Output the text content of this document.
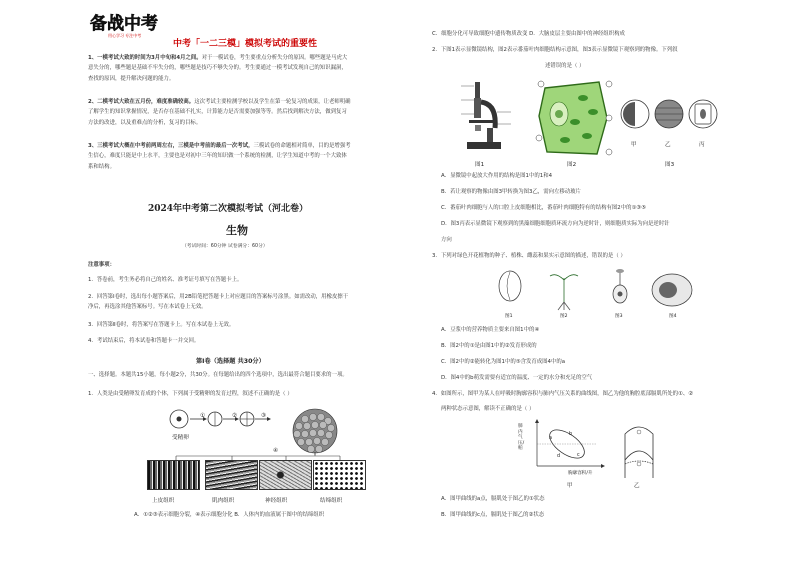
备战中考
用心学习 专注中考
中考「一二三模」模拟考试的重要性
1、一模考试大致的时间为3月中旬和4月之间。对于一模试卷，考生要重点分析失分的原因。哪些题是马虎大意失分的，哪些题是基础不牢失分的，哪些题是技巧不够失分的。考生要通过一模考试发现自己的知识漏洞，查找的原因，提升解决问题的能力。
2、二模考试大致在五月份，难度准确较高。这次考试主要检测学校以及学生在第一轮复习的成果，让老师明确了解学生的知识掌握情况，是否存在基础不扎实，计算能力是否需要加强等等。然后找到解决方法，做到复习方法的改进，以及重难点的分析，复习的目标。
3、三模考试大概在中考前两周左右，三模是中考前的最后一次考试，三模试卷的命题相对简单，目的是增强考生信心，难度只能是中上水平，主要也是对初中三年的知识做一个系统的检测，让学生知道中考的一个大致体系和结构。
2024年中考第二次模拟考试（河北卷）
生物
（考试时间：60分钟 试卷满分：60分）
注意事项：
1．答卷前，考生务必将自己的姓名、准考证号填写在答题卡上。
2．回答第Ⅰ卷时，选出每小题答案后，用2B铅笔把答题卡上对应题目的答案标号涂黑。如需改动，用橡皮擦干净后，再选涂其他答案标号。写在本试卷上无效。
3．回答第Ⅱ卷时，将答案写在答题卡上。写在本试卷上无效。
4．考试结束后，将本试卷和答题卡一并交回。
第Ⅰ卷（选择题 共30分）
一、选择题。本题共15小题，每小题2分，共30分。在每题给出的四个选项中，选出最符合题目要求的一项。
1．人类是由受精卵发育成的个体，下列属于受精卵的发育过程，叙述不正确的是（ ）
受精卵
①	②	③
④
上皮组织	肌肉组织	神经组织	结缔组织
A．①②③表示细胞分裂，④表示细胞分化 B．人体内的血液属于图中的结缔组织
C．细胞分化可导致细胞中遗传物质改变 D．大脑皮层主要由图中的神经组织构成
2．下图1表示显微镜结构，图2表示番茄叶肉细胞结构示意图，图3表示显微镜下观察到的物像。下列叙
述错误的是（ ）
图1	图2
甲	乙	丙
图3
A．显微镜中起放大作用的结构是图1中的1和4
B．若让观察的物像由图3甲转换为图3乙，需向左移动玻片
C．番茄叶肉细胞与人的口腔上皮细胞相比，番茄叶肉细胞特有的结构有图2中的①③⑤
D．图3丙表示显微镜下观察到的黑藻细胞细胞质环流方向为逆时针，则细胞质实际为向是逆时针
方向
3．下列对绿色开花植物的种子、植株、雌蕊和果实示意图的描述，错误的是（ ）
图1	图2	图3	图4
A．豆浆中的营养物质主要来自图1中的④
B．图2中的①是由图1中的②发育形成的
C．图2中的②能转化为图1中的⑤含发育成图4中的a
D．图4中的b萌发需要有适宜的温度、一定的水分和充足的空气
4．如图所示，图甲为某人在呼吸时胸廓容积与肺内气压关系的曲线图，图乙为他的胸腔底部膈肌所处的①、②
两种状态示意图，解读不正确的是（ ）
肺内气压/帕
胸廓容积/升
a
b
c
d
甲	乙
A．图甲曲线的a点，膈肌处于图乙的①状态
B．图甲曲线的c点，膈肌处于图乙的②状态
